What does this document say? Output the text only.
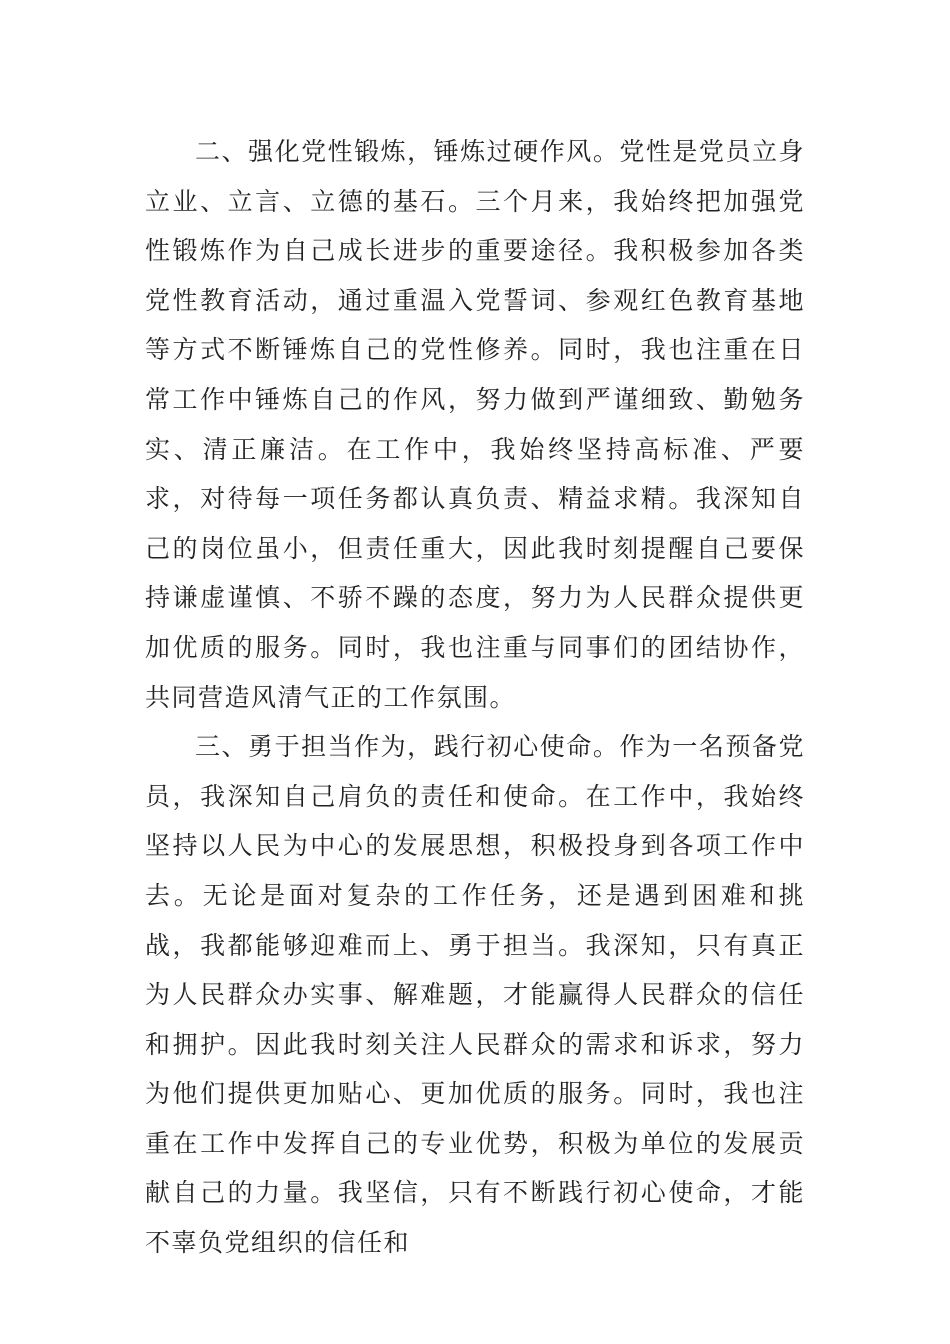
二、强化党性锻炼，锤炼过硬作风。党性是党员立身立业、立言、立德的基石。三个月来，我始终把加强党性锻炼作为自己成长进步的重要途径。我积极参加各类党性教育活动，通过重温入党誓词、参观红色教育基地等方式不断锤炼自己的党性修养。同时，我也注重在日常工作中锤炼自己的作风，努力做到严谨细致、勤勉务实、清正廉洁。在工作中，我始终坚持高标准、严要求，对待每一项任务都认真负责、精益求精。我深知自己的岗位虽小，但责任重大，因此我时刻提醒自己要保持谦虚谨慎、不骄不躁的态度，努力为人民群众提供更加优质的服务。同时，我也注重与同事们的团结协作，共同营造风清气正的工作氛围。

三、勇于担当作为，践行初心使命。作为一名预备党员，我深知自己肩负的责任和使命。在工作中，我始终坚持以人民为中心的发展思想，积极投身到各项工作中去。无论是面对复杂的工作任务，还是遇到困难和挑战，我都能够迎难而上、勇于担当。我深知，只有真正为人民群众办实事、解难题，才能赢得人民群众的信任和拥护。因此我时刻关注人民群众的需求和诉求，努力为他们提供更加贴心、更加优质的服务。同时，我也注重在工作中发挥自己的专业优势，积极为单位的发展贡献自己的力量。我坚信，只有不断践行初心使命，才能不辜负党组织的信任和
